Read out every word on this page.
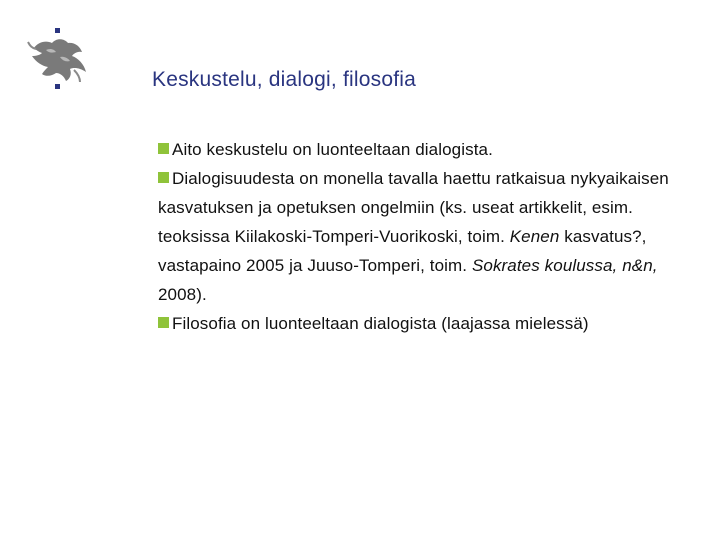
Keskustelu, dialogi, filosofia

Aito keskustelu on luonteeltaan dialogista.

Dialogisuudesta on monella tavalla haettu ratkaisua nykyaikaisen kasvatuksen ja opetuksen ongelmiin (ks. useat artikkelit, esim. teoksissa Kiilakoski-Tomperi-Vuorikoski, toim. Kenen kasvatus?, vastapaino 2005 ja Juuso-Tomperi, toim. Sokrates koulussa, n&n, 2008).

Filosofia on luonteeltaan dialogista (laajassa mielessä)
